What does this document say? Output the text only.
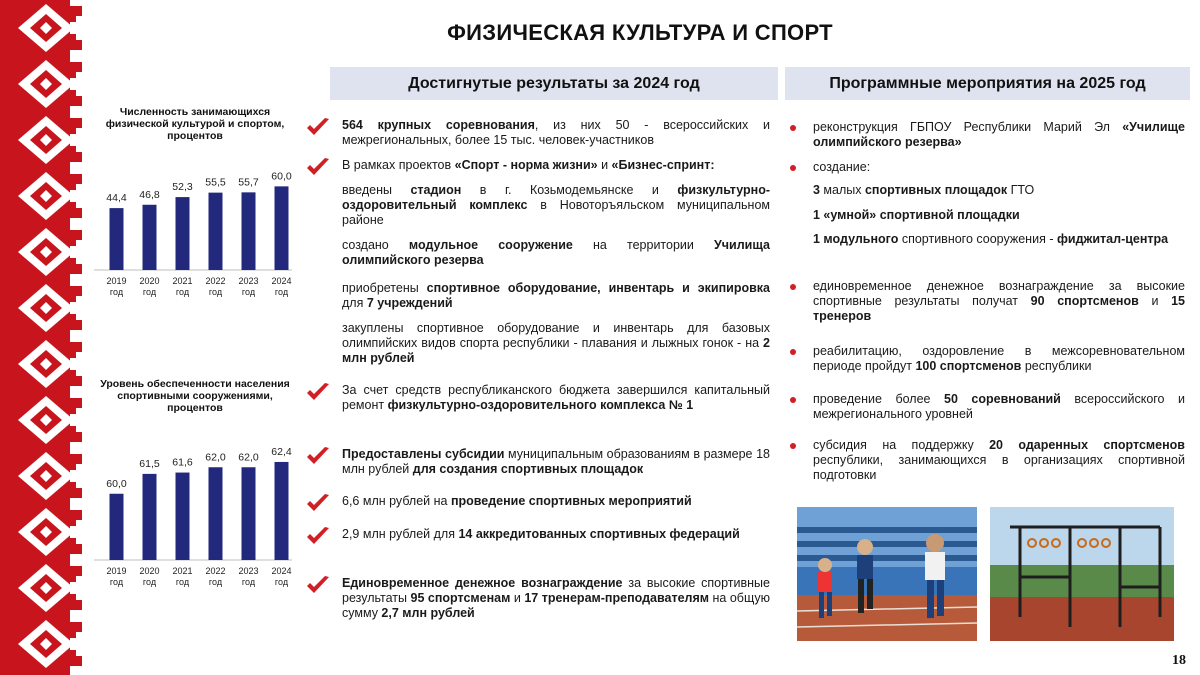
ФИЗИЧЕСКАЯ КУЛЬТУРА И СПОРТ
Достигнутые результаты за 2024 год	Программные мероприятия на 2025 год
Численность занимающихся физической культурой и спортом, процентов
44,4
2019
год
46,8
2020
год
52,3
2021
год
55,5
2022
год
55,7
2023
год
60,0
2024
год
Уровень обеспеченности населения спортивными сооружениями, процентов
60,0
2019
год
61,5
2020
год
61,6
2021
год
62,0
2022
год
62,0
2023
год
62,4
2024
год
18
564 крупных соревнования, из них 50 - всероссийских и межрегиональных, более 15 тыс. человек-участников
В рамках проектов «Спорт - норма жизни» и «Бизнес-спринт:
введены стадион в г. Козьмодемьянске и физкультурно-оздоровительный комплекс в Новоторъяльском муниципальном районе
создано модульное сооружение на территории Училища олимпийского резерва
приобретены спортивное оборудование, инвентарь и экипировка для 7 учреждений
закуплены спортивное оборудование и инвентарь для базовых олимпийских видов спорта республики - плавания и лыжных гонок - на 2 млн рублей
За счет средств республиканского бюджета завершился капитальный ремонт физкультурно-оздоровительного комплекса № 1
Предоставлены субсидии муниципальным образованиям в размере 18 млн рублей для создания спортивных площадок
6,6 млн рублей на проведение спортивных мероприятий
2,9 млн рублей для 14 аккредитованных спортивных федераций
Единовременное денежное вознаграждение за высокие спортивные результаты 95 спортсменам и 17 тренерам-преподавателям на общую сумму 2,7 млн рублей
реконструкция ГБПОУ Республики Марий Эл «Училище олимпийского резерва»
создание:
3 малых спортивных площадок ГТО
1 «умной» спортивной площадки
1 модульного спортивного сооружения - фиджитал-центра
единовременное денежное вознаграждение за высокие спортивные результаты получат 90 спортсменов и 15 тренеров
реабилитацию, оздоровление в межсоревновательном периоде пройдут 100 спортсменов республики
проведение более 50 соревнований всероссийского и межрегионального уровней
субсидия на поддержку 20 одаренных спортсменов республики, занимающихся в организациях спортивной подготовки
